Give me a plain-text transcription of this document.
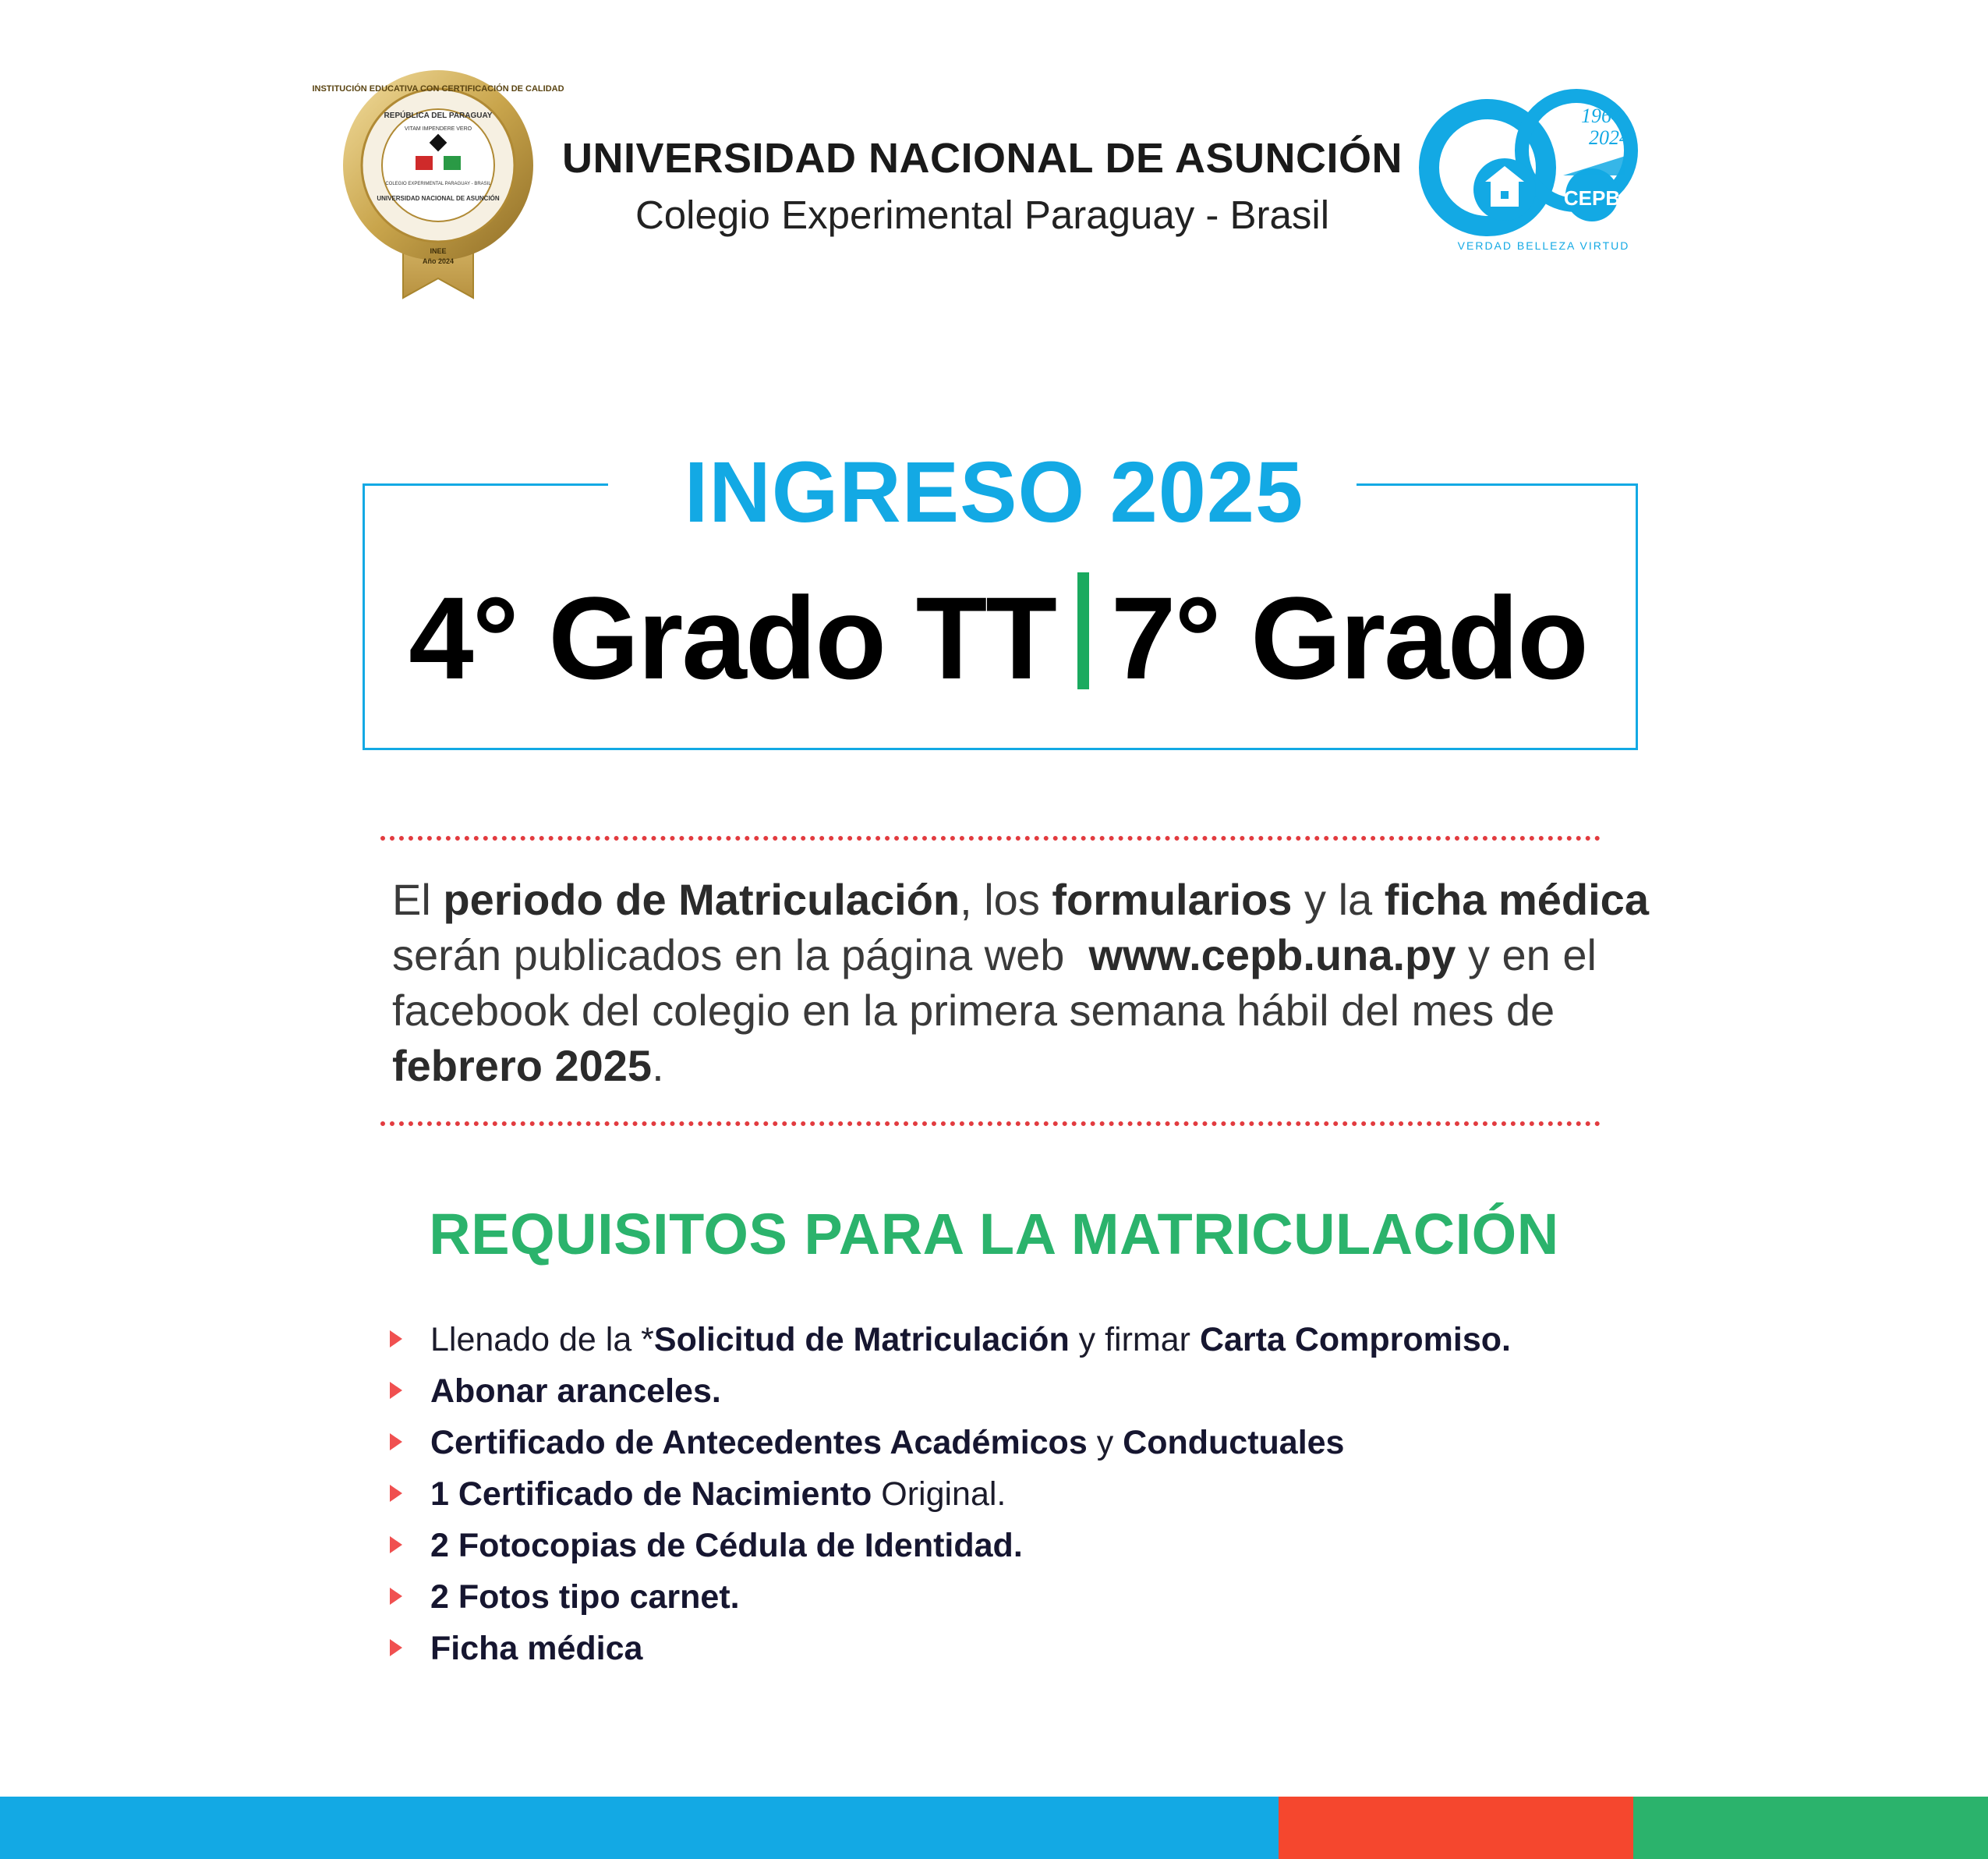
INSTITUCIÓN EDUCATIVA CON CERTIFICACIÓN DE CALIDAD
REPÚBLICA DEL PARAGUAY
VITAM IMPENDERE VERO
COLEGIO EXPERIMENTAL PARAGUAY - BRASIL
UNIVERSIDAD NACIONAL DE ASUNCIÓN
INEE
Año 2024
UNIVERSIDAD NACIONAL DE ASUNCIÓN
Colegio Experimental Paraguay - Brasil
1964
2024
CEPB
VERDAD BELLEZA VIRTUD
INGRESO 2025
4° Grado TT 7° Grado
El periodo de Matriculación, los formularios y la ficha médica
serán publicados en la página web  www.cepb.una.py y en el
facebook del colegio en la primera semana hábil del mes de
febrero 2025.
REQUISITOS PARA LA MATRICULACIÓN
Llenado de la *Solicitud de Matriculación y firmar Carta Compromiso.
Abonar aranceles.
Certificado de Antecedentes Académicos y Conductuales
1 Certificado de Nacimiento Original.
2 Fotocopias de Cédula de Identidad.
2 Fotos tipo carnet.
Ficha médica
